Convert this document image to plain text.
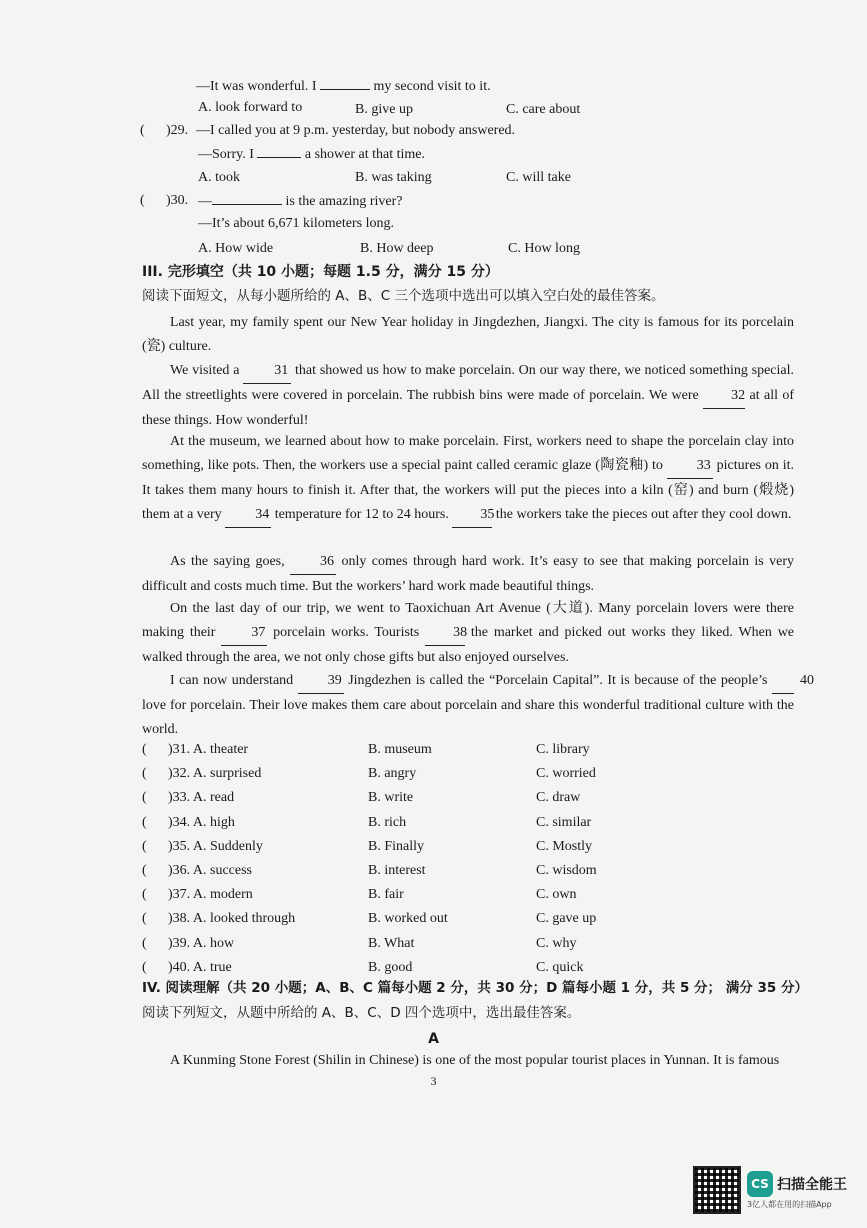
—It was wonderful. I	my second visit to it.
A. look forward to	B. give up	C. care about
( )29. —I called you at 9 p.m. yesterday, but nobody answered.
—Sorry. I	a shower at that time.
A. took	B. was taking	C. will take
( )30. —	is the amazing river?
—It’s about 6,671 kilometers long.
A. How wide	B. How deep	C. How long
III. 完形填空（共 10 小题；每题 1.5 分，满分 15 分）
阅读下面短文，从每小题所给的 A、B、C 三个选项中选出可以填入空白处的最佳答案。
Last year, my family spent our New Year holiday in Jingdezhen, Jiangxi. The city is famous for its porcelain (瓷) culture.
We visited a 31 that showed us how to make porcelain. On our way there, we noticed something special. All the streetlights were covered in porcelain. The rubbish bins were made of porcelain. We were 32 at all of these things. How wonderful!
At the museum, we learned about how to make porcelain. First, workers need to shape the porcelain clay into something, like pots. Then, the workers use a special paint called ceramic glaze (陶瓷釉) to 33 pictures on it. It takes them many hours to finish it. After that, the workers will put the pieces into a kiln (窑) and burn (煅烧) them at a very 34 temperature for 12 to 24 hours. 35 the workers take the pieces out after they cool down.
As the saying goes,	36 only comes through hard work. It’s easy to see that making porcelain is very difficult and costs much time. But the workers’ hard work made beautiful things.
On the last day of our trip, we went to Taoxichuan Art Avenue (大道). Many porcelain lovers were there making their	37 porcelain works. Tourists 38 the market and picked out works they liked. When we walked through the area, we not only chose gifts but also enjoyed ourselves.
I can now understand 39 Jingdezhen is called the “Porcelain Capital”. It is because of the people’s 40 love for porcelain. Their love makes them care about porcelain and share this wonderful traditional culture with the world.
( )31. A. theater	B. museum	C. library
( )32. A. surprised	B. angry	C. worried
( )33. A. read	B. write	C. draw
( )34. A. high	B. rich	C. similar
( )35. A. Suddenly	B. Finally	C. Mostly
( )36. A. success	B. interest	C. wisdom
( )37. A. modern	B. fair	C. own
( )38. A. looked through	B. worked out	C. gave up
( )39. A. how	B. What	C. why
( )40. A. true	B. good	C. quick
IV. 阅读理解（共 20 小题；A、B、C 篇每小题 2 分，共 30 分；D 篇每小题 1 分，共 5 分； 满分 35 分）
阅读下列短文，从题中所给的 A、B、C、D 四个选项中，选出最佳答案。
A
A Kunming Stone Forest (Shilin in Chinese) is one of the most popular tourist places in Yunnan. It is famous
3
CS 扫描全能王
3亿人都在用的扫描App
